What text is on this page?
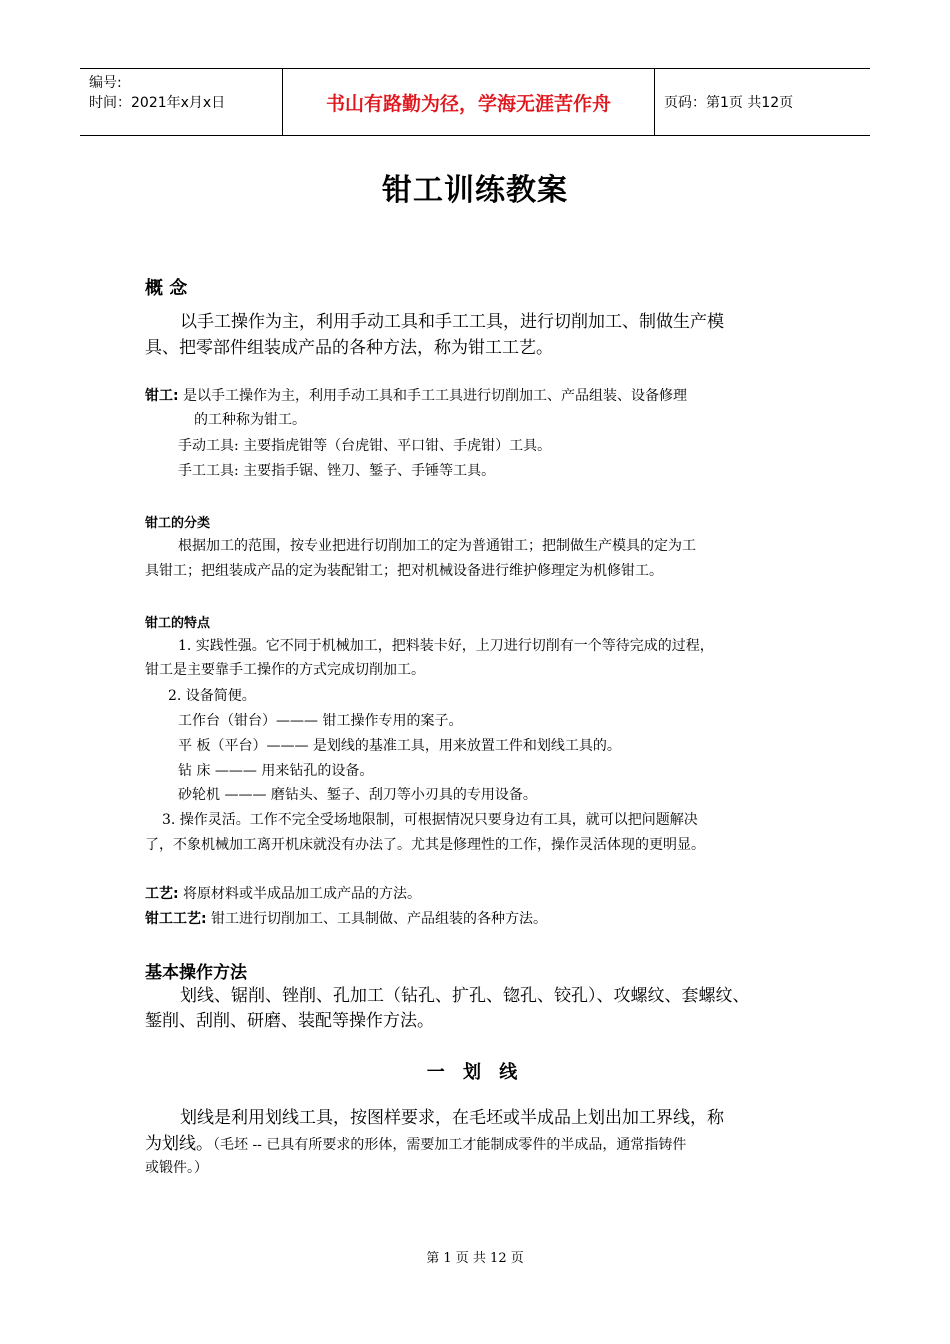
编号:
时间：2021年x月x日	书山有路勤为径，学海无涯苦作舟	页码：第1页 共12页
钳工训练教案
概 念
以手工操作为主，利用手动工具和手工工具，进行切削加工、制做生产模
具、把零部件组装成产品的各种方法，称为钳工工艺。
钳工: 是以手工操作为主，利用手动工具和手工工具进行切削加工、产品组装、设备修理
的工种称为钳工。
手动工具: 主要指虎钳等（台虎钳、平口钳、手虎钳）工具。
手工工具: 主要指手锯、锉刀、錾子、手锤等工具。
钳工的分类
根据加工的范围，按专业把进行切削加工的定为普通钳工；把制做生产模具的定为工
具钳工；把组装成产品的定为装配钳工；把对机械设备进行维护修理定为机修钳工。
钳工的特点
1. 实践性强。它不同于机械加工，把料装卡好，上刀进行切削有一个等待完成的过程，
钳工是主要靠手工操作的方式完成切削加工。
2. 设备简便。
工作台（钳台）——— 钳工操作专用的案子。
平 板（平台）——— 是划线的基准工具，用来放置工件和划线工具的。
钻 床 ——— 用来钻孔的设备。
砂轮机 ——— 磨钻头、錾子、刮刀等小刃具的专用设备。
3. 操作灵活。工作不完全受场地限制，可根据情况只要身边有工具，就可以把问题解决
了，不象机械加工离开机床就没有办法了。尤其是修理性的工作，操作灵活体现的更明显。
工艺: 将原材料或半成品加工成产品的方法。
钳工工艺: 钳工进行切削加工、工具制做、产品组装的各种方法。
基本操作方法
划线、锯削、锉削、孔加工（钻孔、扩孔、锪孔、铰孔）、攻螺纹、套螺纹、
錾削、刮削、研磨、装配等操作方法。
一 划 线
划线是利用划线工具，按图样要求，在毛坯或半成品上划出加工界线，称
为划线。（毛坯 -- 已具有所要求的形体，需要加工才能制成零件的半成品，通常指铸件
或锻件。）
第 1 页 共 12 页
